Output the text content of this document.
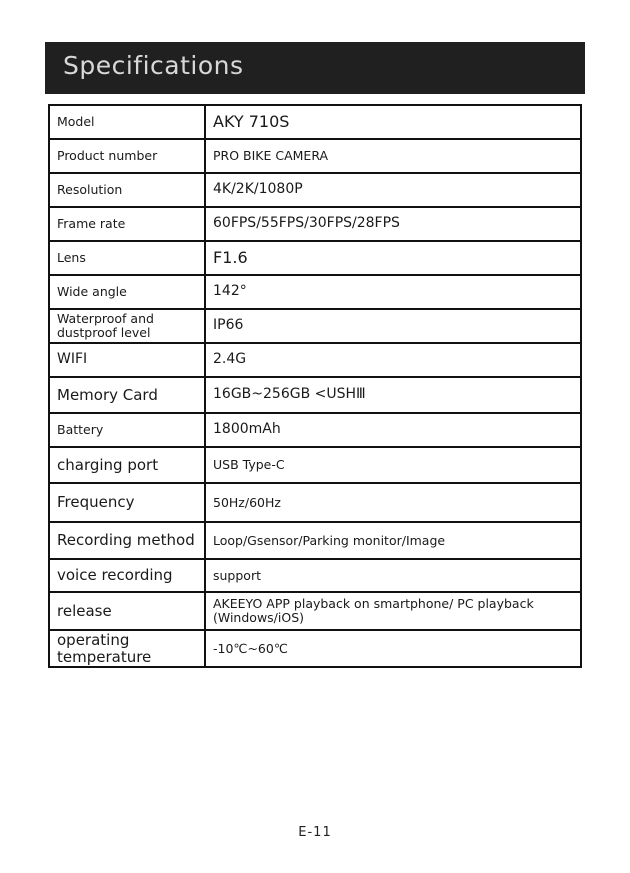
Specifications
Model	AKY 710S
Product number	PRO BIKE CAMERA
Resolution	4K/2K/1080P
Frame rate	60FPS/55FPS/30FPS/28FPS
Lens	F1.6
Wide angle	142°
Waterproof and dustproof level	IP66
WIFI	2.4G
Memory Card	16GB~256GB <USHⅢ
Battery	1800mAh
charging port	USB Type-C
Frequency	50Hz/60Hz
Recording method	Loop/Gsensor/Parking monitor/Image
voice recording	support
release	AKEEYO APP playback on smartphone/ PC playback (Windows/iOS)
operating temperature	-10℃~60℃
E-11
